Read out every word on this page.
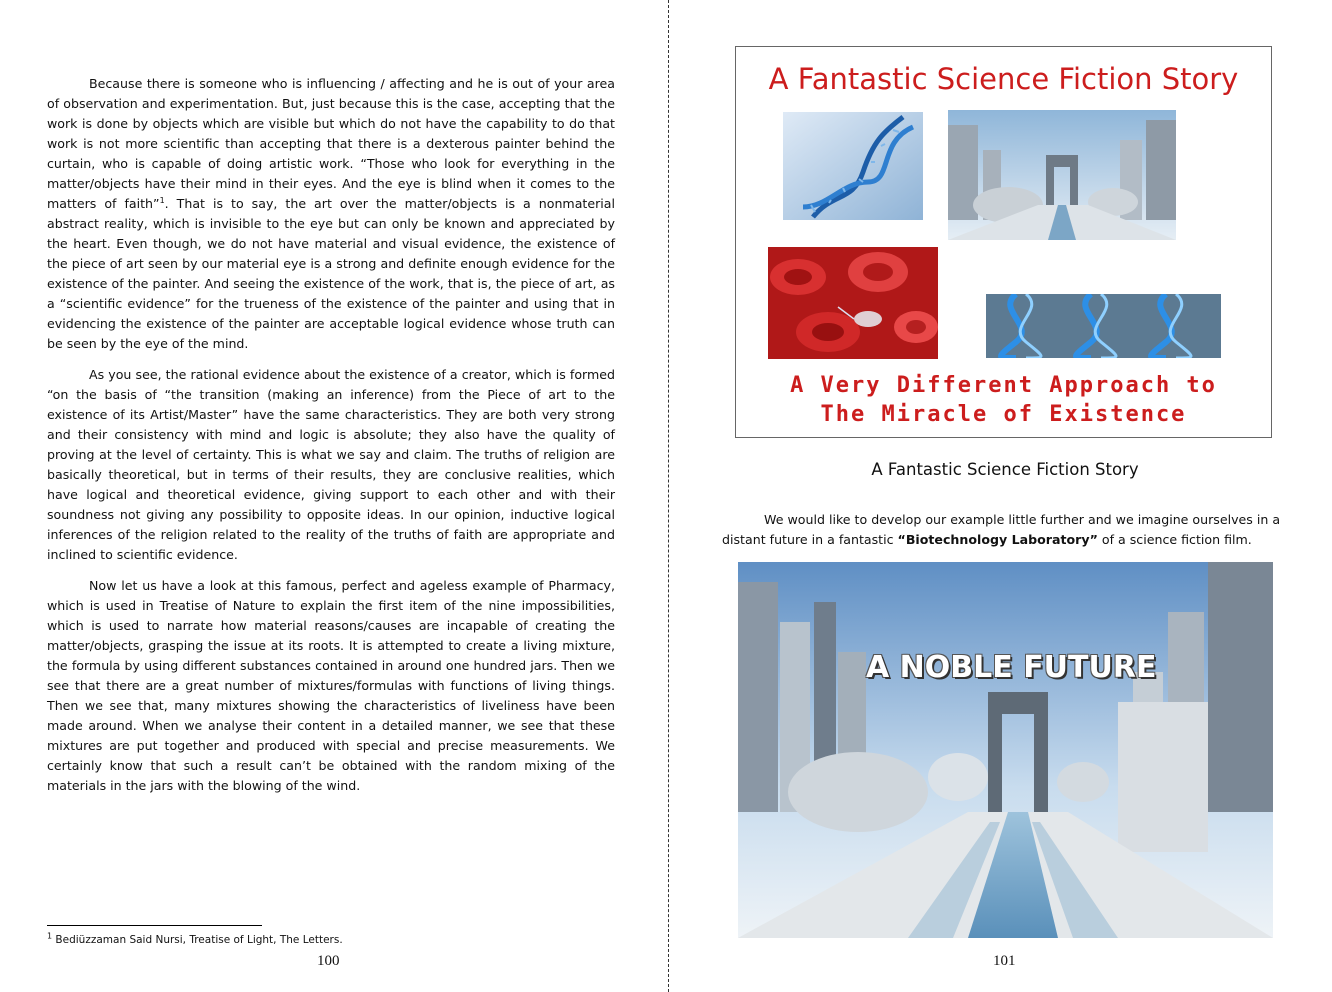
Because there is someone who is influencing / affecting and he is out of your area of observation and experimentation. But, just because this is the case, accepting that the work is done by objects which are visible but which do not have the capability to do that work is not more scientific than accepting that there is a dexterous painter behind the curtain, who is capable of doing artistic work. “Those who look for everything in the matter/objects have their mind in their eyes. And the eye is blind when it comes to the matters of faith”$^1$. That is to say, the art over the matter/objects is a nonmaterial abstract reality, which is invisible to the eye but can only be known and appreciated by the heart. Even though, we do not have material and visual evidence, the existence of the piece of art seen by our material eye is a strong and definite enough evidence for the existence of the painter. And seeing the existence of the work, that is, the piece of art, as a “scientific evidence” for the trueness of the existence of the painter and using that in evidencing the existence of the painter are acceptable logical evidence whose truth can be seen by the eye of the mind.

As you see, the rational evidence about the existence of a creator, which is formed “on the basis of “the transition (making an inference) from the Piece of art to the existence of its Artist/Master” have the same characteristics. They are both very strong and their consistency with mind and logic is absolute; they also have the quality of proving at the level of certainty. This is what we say and claim. The truths of religion are basically theoretical, but in terms of their results, they are conclusive realities, which have logical and theoretical evidence, giving support to each other and with their soundness not giving any possibility to opposite ideas. In our opinion, inductive logical inferences of the religion related to the reality of the truths of faith are appropriate and inclined to scientific evidence.

Now let us have a look at this famous, perfect and ageless example of Pharmacy, which is used in Treatise of Nature to explain the first item of the nine impossibilities, which is used to narrate how material reasons/causes are incapable of creating the matter/objects, grasping the issue at its roots. It is attempted to create a living mixture, the formula by using different substances contained in around one hundred jars. Then we see that there are a great number of mixtures/formulas with functions of living things. Then we see that, many mixtures showing the characteristics of liveliness have been made around. When we analyse their content in a detailed manner, we see that these mixtures are put together and produced with special and precise measurements. We certainly know that such a result can’t be obtained with the random mixing of the materials in the jars with the blowing of the wind.

$^1$ Bediüzzaman Said Nursi, Treatise of Light, The Letters.
100
A Fantastic Science Fiction Story
A Very Different Approach to
The Miracle of Existence
A Fantastic Science Fiction Story
We would like to develop our example little further and we imagine ourselves in a distant future in a fantastic “Biotechnology Laboratory” of a science fiction film.
A NOBLE FUTURE
101
